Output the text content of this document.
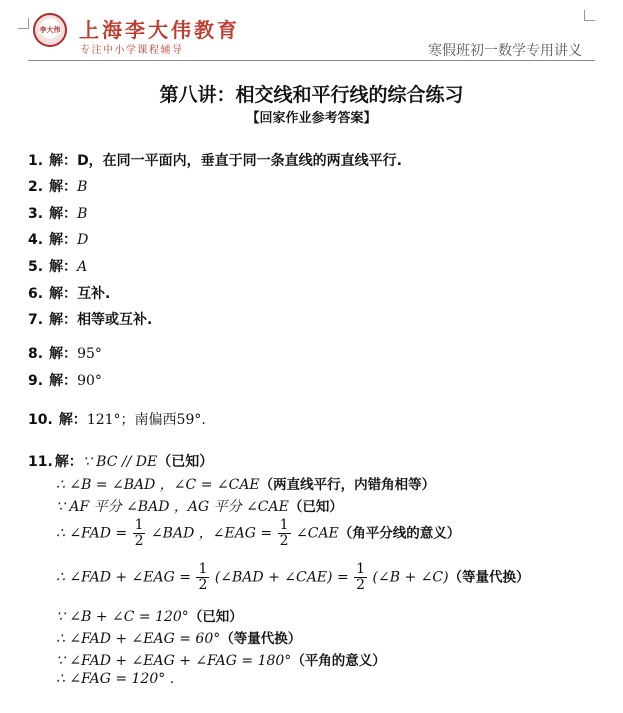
李大伟 上海李大伟教育
专注中小学课程辅导	寒假班初一数学专用讲义
第八讲：相交线和平行线的综合练习
【回家作业参考答案】
1. 解：D，在同一平面内，垂直于同一条直线的两直线平行.
2. 解：B
3. 解：B
4. 解：D
5. 解：A
6. 解：互补.
7. 解：相等或互补.
8. 解：95°
9. 解：90°
10. 解：121°；南偏西59°.
11. 解：∵ BC // DE（已知）
∴ ∠B = ∠BAD ，∠C = ∠CAE（两直线平行，内错角相等）
∵ AF 平分 ∠BAD ，AG 平分 ∠CAE（已知）
∴ ∠FAD = $\frac{1}{2}$ ∠BAD ，∠EAG = $\frac{1}{2}$ ∠CAE（角平分线的意义）
∴ ∠FAD + ∠EAG = $\frac{1}{2}$ (∠BAD + ∠CAE) = $\frac{1}{2}$ (∠B + ∠C)（等量代换）
∵ ∠B + ∠C = 120°（已知）
∴ ∠FAD + ∠EAG = 60°（等量代换）
∵ ∠FAD + ∠EAG + ∠FAG = 180°（平角的意义）
∴ ∠FAG = 120° .
